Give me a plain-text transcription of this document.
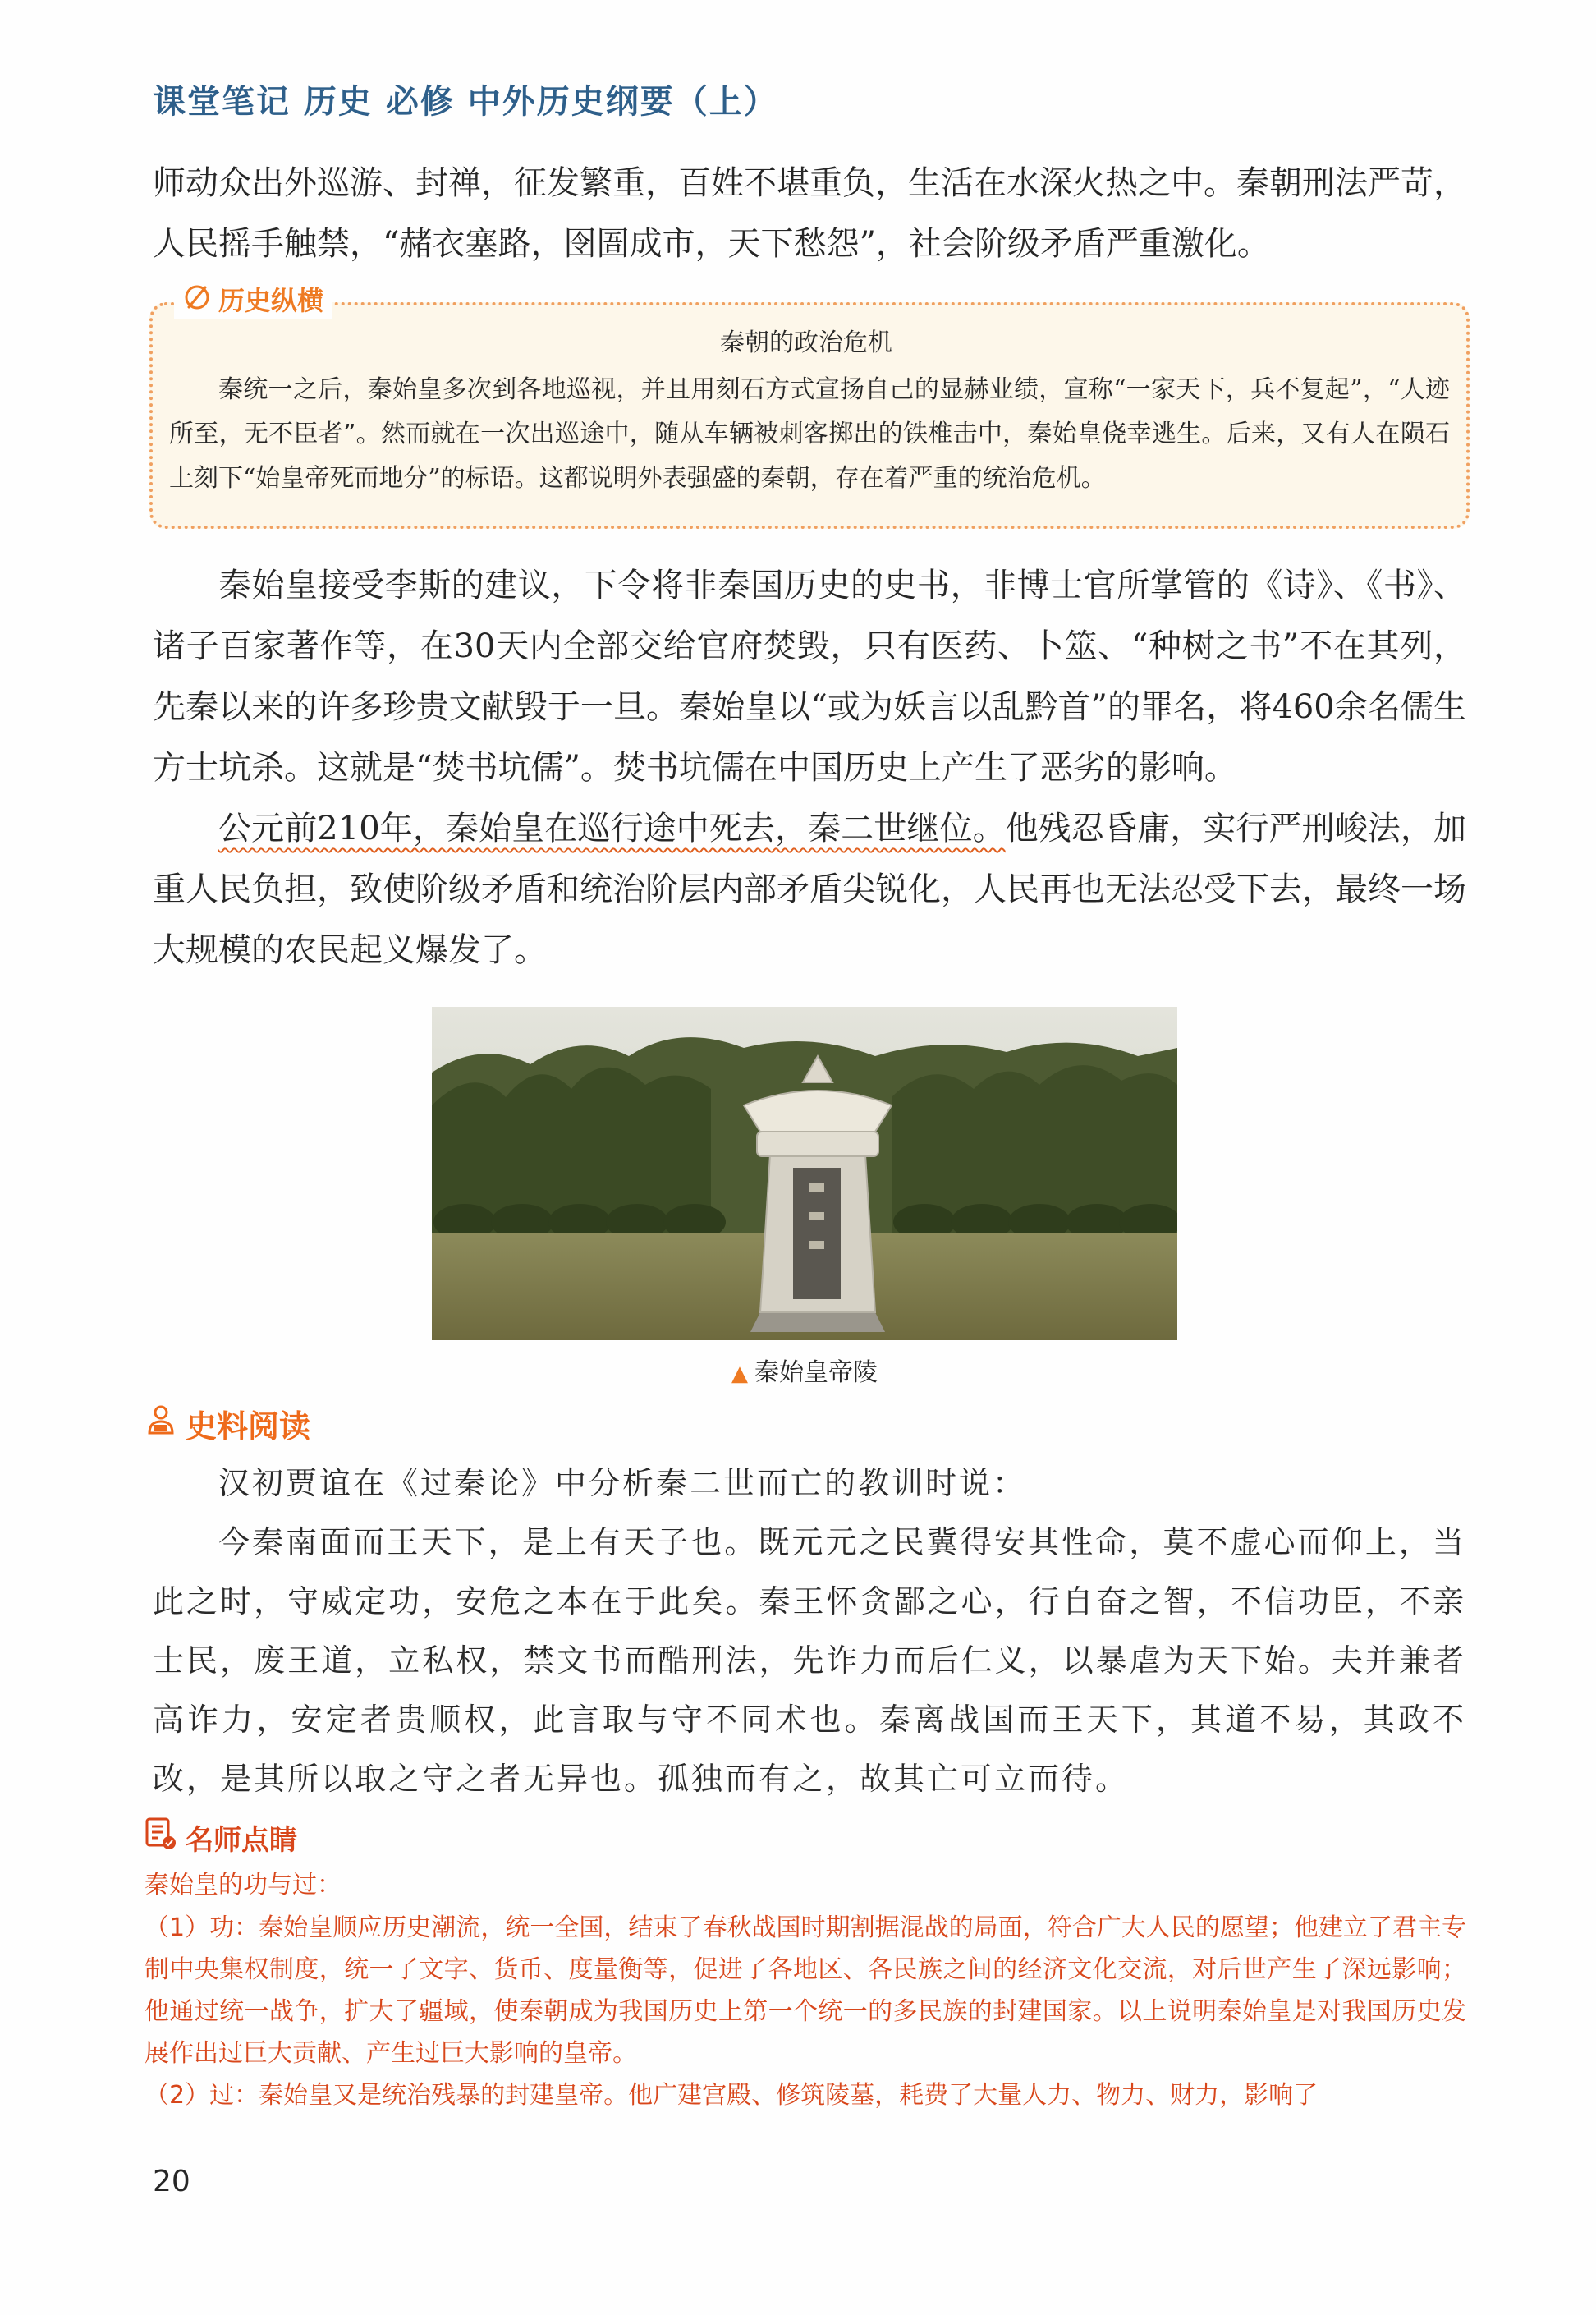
课堂笔记 历史 必修 中外历史纲要（上）
师动众出外巡游、封禅，征发繁重，百姓不堪重负，生活在水深火热之中。秦朝刑法严苛，人民摇手触禁，“赭衣塞路，囹圄成市，天下愁怨”，社会阶级矛盾严重激化。
历史纵横
秦朝的政治危机
秦统一之后，秦始皇多次到各地巡视，并且用刻石方式宣扬自己的显赫业绩，宣称“一家天下，兵不复起”，“人迹所至，无不臣者”。然而就在一次出巡途中，随从车辆被刺客掷出的铁椎击中，秦始皇侥幸逃生。后来，又有人在陨石上刻下“始皇帝死而地分”的标语。这都说明外表强盛的秦朝，存在着严重的统治危机。
秦始皇接受李斯的建议，下令将非秦国历史的史书，非博士官所掌管的《诗》、《书》、诸子百家著作等，在30天内全部交给官府焚毁，只有医药、卜筮、“种树之书”不在其列，先秦以来的许多珍贵文献毁于一旦。秦始皇以“或为妖言以乱黔首”的罪名，将460余名儒生方士坑杀。这就是“焚书坑儒”。焚书坑儒在中国历史上产生了恶劣的影响。
公元前210年，秦始皇在巡行途中死去，秦二世继位。他残忍昏庸，实行严刑峻法，加重人民负担，致使阶级矛盾和统治阶层内部矛盾尖锐化，人民再也无法忍受下去，最终一场大规模的农民起义爆发了。
▲ 秦始皇帝陵
史料阅读
汉初贾谊在《过秦论》中分析秦二世而亡的教训时说：
今秦南面而王天下，是上有天子也。既元元之民冀得安其性命，莫不虚心而仰上，当此之时，守威定功，安危之本在于此矣。秦王怀贪鄙之心，行自奋之智，不信功臣，不亲士民，废王道，立私权，禁文书而酷刑法，先诈力而后仁义，以暴虐为天下始。夫并兼者高诈力，安定者贵顺权，此言取与守不同术也。秦离战国而王天下，其道不易，其政不改，是其所以取之守之者无异也。孤独而有之，故其亡可立而待。
名师点睛
秦始皇的功与过：
（1）功：秦始皇顺应历史潮流，统一全国，结束了春秋战国时期割据混战的局面，符合广大人民的愿望；他建立了君主专制中央集权制度，统一了文字、货币、度量衡等，促进了各地区、各民族之间的经济文化交流，对后世产生了深远影响；他通过统一战争，扩大了疆域，使秦朝成为我国历史上第一个统一的多民族的封建国家。以上说明秦始皇是对我国历史发展作出过巨大贡献、产生过巨大影响的皇帝。
（2）过：秦始皇又是统治残暴的封建皇帝。他广建宫殿、修筑陵墓，耗费了大量人力、物力、财力，影响了
20
